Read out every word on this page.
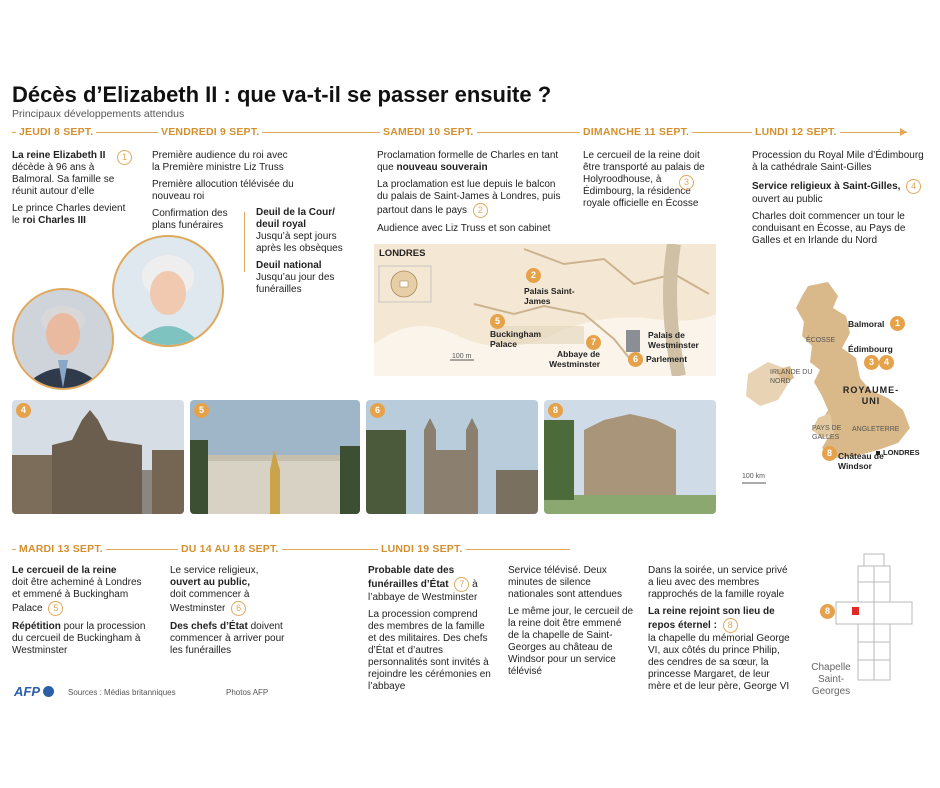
Décès d’Elizabeth II : que va-t-il se passer ensuite ?
Principaux développements attendus
JEUDI 8 SEPT.	VENDREDI 9 SEPT.	SAMEDI 10 SEPT.	DIMANCHE 11 SEPT.	LUNDI 12 SEPT.

La reine Elizabeth II	1
décède à 96 ans à Balmoral. Sa famille se réunit autour d’elle

Le prince Charles devient le roi Charles III

Première audience du roi avec la Première ministre Liz Truss

Première allocution télévisée du nouveau roi

Confirmation des plans funéraires

Deuil de la Cour/ deuil royal
Jusqu’à sept jours après les obsèques

Deuil national
Jusqu’au jour des funérailles

Proclamation formelle de Charles en tant que nouveau souverain

La proclamation est lue depuis le balcon du palais de Saint-James à Londres, puis partout dans le pays 2

Audience avec Liz Truss et son cabinet

Le cercueil de la reine doit être transporté au palais de Holyroodhouse, à Édimbourg, la résidence royale officielle en Écosse

3

Procession du Royal Mile d’Édimbourg à la cathédrale Saint-Gilles

Service religieux à Saint-Gilles, 4
ouvert au public

Charles doit commencer un tour le conduisant en Écosse, au Pays de Galles et en Irlande du Nord

LONDRES
2
Palais Saint-James
5
Buckingham Palace	7
Abbaye de Westminster
Palais de Westminster
6 Parlement
100 m
1
Balmoral
ÉCOSSE
Édimbourg
3	4
IRLANDE DU NORD
ROYAUME-UNI
PAYS DE GALLES
ANGLETERRE
LONDRES
8 Château de Windsor
100 km
4	5	6	8
MARDI 13 SEPT.	DU 14 AU 18 SEPT.	LUNDI 19 SEPT.

Le cercueil de la reine
doit être acheminé à Londres et emmené à Buckingham Palace 5

Répétition pour la procession du cercueil de Buckingham à Westminster

Le service religieux,
ouvert au public,
doit commencer à Westminster 6

Des chefs d’État doivent commencer à arriver pour les funérailles

Probable date des funérailles d’État 7 à l’abbaye de Westminster

La procession comprend des membres de la famille et des militaires. Des chefs d’État et d’autres personnalités sont invités à rejoindre les cérémonies en l’abbaye

Service télévisé. Deux minutes de silence nationales sont attendues

Le même jour, le cercueil de la reine doit être emmené de la chapelle de Saint-Georges au château de Windsor pour un service télévisé

Dans la soirée, un service privé a lieu avec des membres rapprochés de la famille royale

La reine rejoint son lieu de repos éternel : 8
la chapelle du mémorial George VI, aux côtés du prince Philip, des cendres de sa sœur, la princesse Margaret, de leur mère et de leur père, George VI

8
Chapelle Saint-Georges
AFP	Sources : Médias britanniques	Photos AFP
